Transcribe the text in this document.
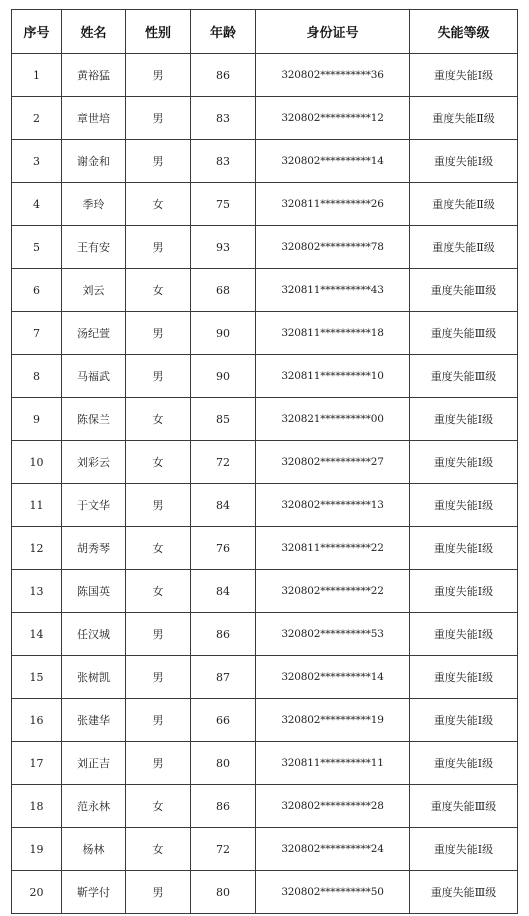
序号	姓名	性别	年龄	身份证号	失能等级
1	黄裕猛	男	86	320802**********36	重度失能Ⅰ级
2	章世培	男	83	320802**********12	重度失能Ⅱ级
3	谢金和	男	83	320802**********14	重度失能Ⅰ级
4	季玲	女	75	320811**********26	重度失能Ⅱ级
5	王有安	男	93	320802**********78	重度失能Ⅱ级
6	刘云	女	68	320811**********43	重度失能Ⅲ级
7	汤纪萱	男	90	320811**********18	重度失能Ⅲ级
8	马福武	男	90	320811**********10	重度失能Ⅲ级
9	陈保兰	女	85	320821**********00	重度失能Ⅰ级
10	刘彩云	女	72	320802**********27	重度失能Ⅰ级
11	于文华	男	84	320802**********13	重度失能Ⅰ级
12	胡秀琴	女	76	320811**********22	重度失能Ⅰ级
13	陈国英	女	84	320802**********22	重度失能Ⅰ级
14	任汉城	男	86	320802**********53	重度失能Ⅰ级
15	张树凯	男	87	320802**********14	重度失能Ⅰ级
16	张建华	男	66	320802**********19	重度失能Ⅰ级
17	刘正吉	男	80	320811**********11	重度失能Ⅰ级
18	范永林	女	86	320802**********28	重度失能Ⅲ级
19	杨林	女	72	320802**********24	重度失能Ⅰ级
20	靳学付	男	80	320802**********50	重度失能Ⅲ级
